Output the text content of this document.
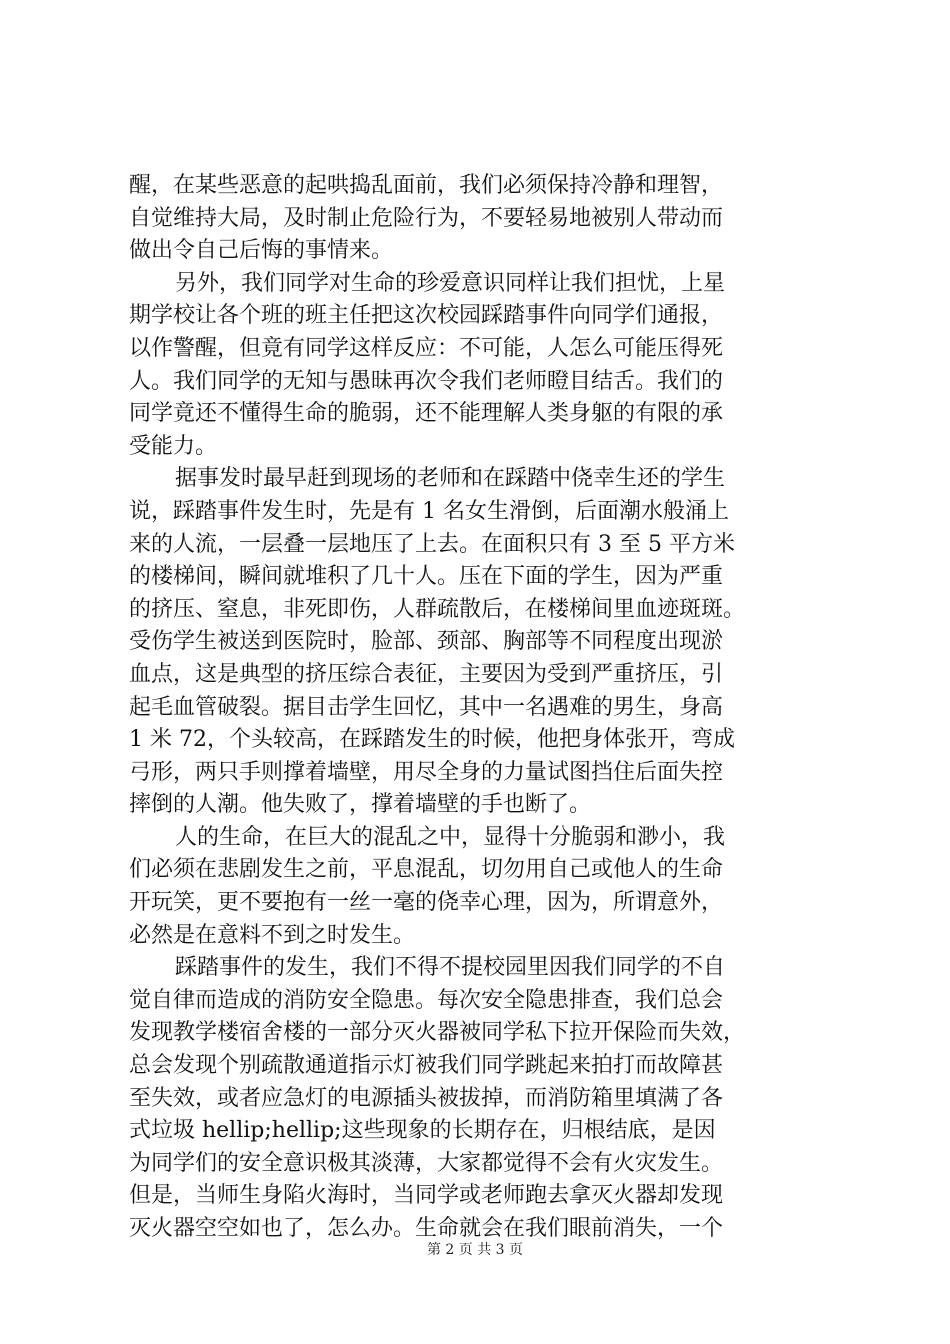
醒，在某些恶意的起哄捣乱面前，我们必须保持冷静和理智，
自觉维持大局，及时制止危险行为，不要轻易地被别人带动而
做出令自己后悔的事情来。
另外，我们同学对生命的珍爱意识同样让我们担忧，上星
期学校让各个班的班主任把这次校园踩踏事件向同学们通报，
以作警醒，但竟有同学这样反应：不可能，人怎么可能压得死
人。我们同学的无知与愚昧再次令我们老师瞪目结舌。我们的
同学竟还不懂得生命的脆弱，还不能理解人类身躯的有限的承
受能力。
据事发时最早赶到现场的老师和在踩踏中侥幸生还的学生
说，踩踏事件发生时，先是有 1 名女生滑倒，后面潮水般涌上
来的人流，一层叠一层地压了上去。在面积只有 3 至 5 平方米
的楼梯间，瞬间就堆积了几十人。压在下面的学生，因为严重
的挤压、窒息，非死即伤，人群疏散后，在楼梯间里血迹斑斑。
受伤学生被送到医院时，脸部、颈部、胸部等不同程度出现淤
血点，这是典型的挤压综合表征，主要因为受到严重挤压，引
起毛血管破裂。据目击学生回忆，其中一名遇难的男生，身高
1 米 72，个头较高，在踩踏发生的时候，他把身体张开，弯成
弓形，两只手则撑着墙壁，用尽全身的力量试图挡住后面失控
摔倒的人潮。他失败了，撑着墙壁的手也断了。
人的生命，在巨大的混乱之中，显得十分脆弱和渺小，我
们必须在悲剧发生之前，平息混乱，切勿用自己或他人的生命
开玩笑，更不要抱有一丝一毫的侥幸心理，因为，所谓意外，
必然是在意料不到之时发生。
踩踏事件的发生，我们不得不提校园里因我们同学的不自
觉自律而造成的消防安全隐患。每次安全隐患排查，我们总会
发现教学楼宿舍楼的一部分灭火器被同学私下拉开保险而失效，
总会发现个别疏散通道指示灯被我们同学跳起来拍打而故障甚
至失效，或者应急灯的电源插头被拔掉，而消防箱里填满了各
式垃圾 hellip;hellip;这些现象的长期存在，归根结底，是因
为同学们的安全意识极其淡薄，大家都觉得不会有火灾发生。
但是，当师生身陷火海时，当同学或老师跑去拿灭火器却发现
灭火器空空如也了，怎么办。生命就会在我们眼前消失，一个
第 2 页 共 3 页
